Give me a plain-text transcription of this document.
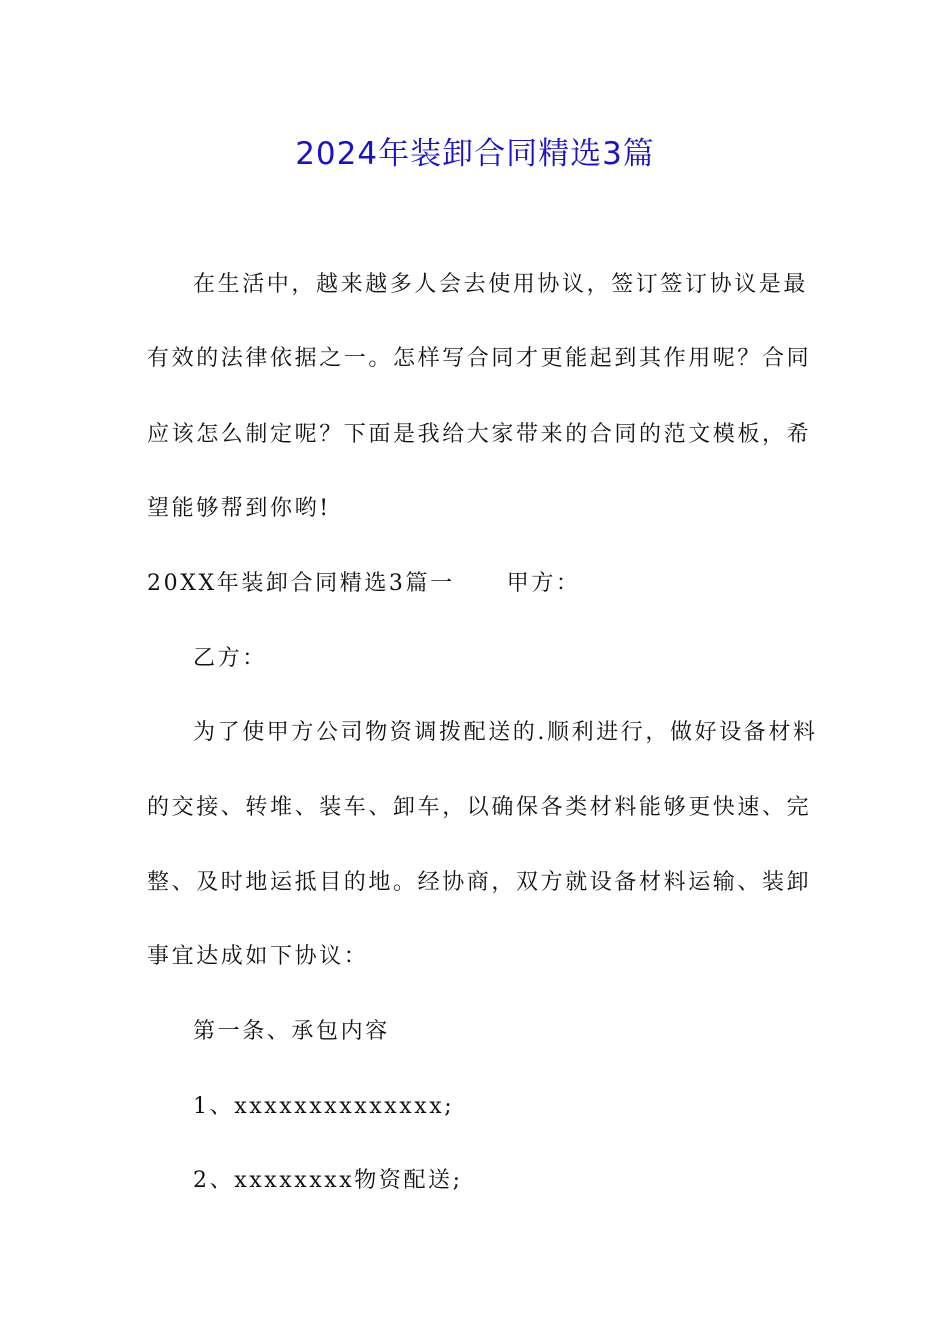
2024年装卸合同精选3篇
在生活中，越来越多人会去使用协议，签订签订协议是最
有效的法律依据之一。怎样写合同才更能起到其作用呢？合同
应该怎么制定呢？下面是我给大家带来的合同的范文模板，希
望能够帮到你哟!
20XX年装卸合同精选3篇一 甲方：
乙方：
为了使甲方公司物资调拨配送的.顺利进行，做好设备材料
的交接、转堆、装车、卸车，以确保各类材料能够更快速、完
整、及时地运抵目的地。经协商，双方就设备材料运输、装卸
事宜达成如下协议：
第一条、承包内容
1、xxxxxxxxxxxxxx;
2、xxxxxxxx物资配送;
